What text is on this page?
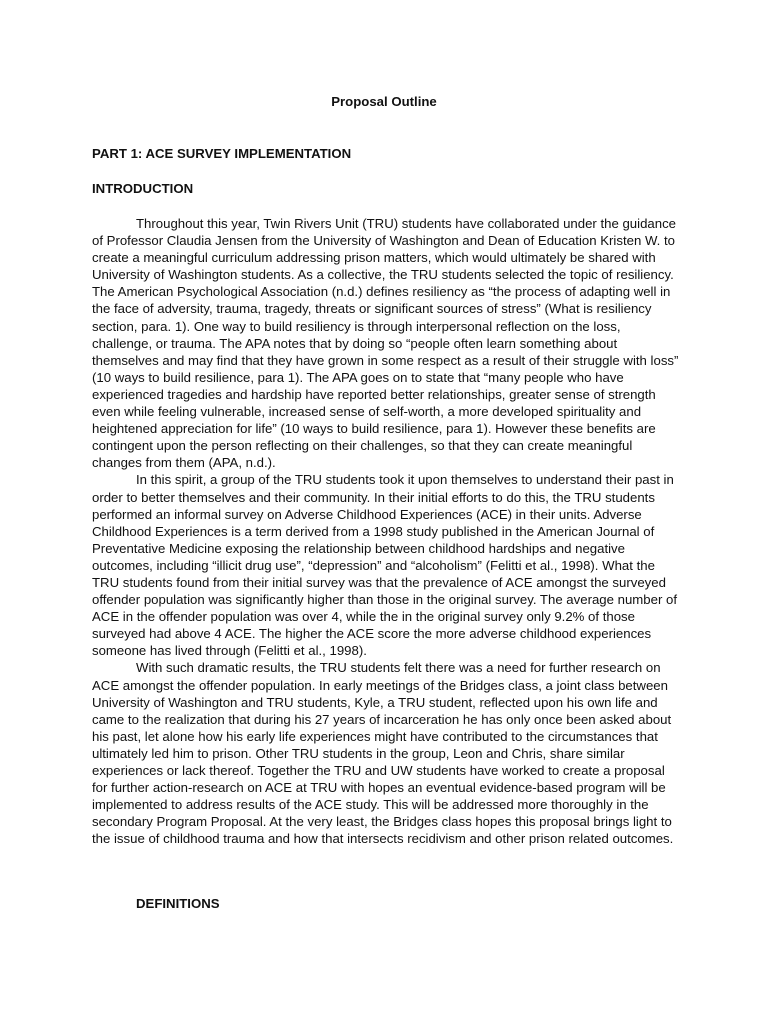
Proposal Outline
PART 1: ACE SURVEY IMPLEMENTATION
INTRODUCTION

Throughout this year, Twin Rivers Unit (TRU) students have collaborated under the guidance of Professor Claudia Jensen from the University of Washington and Dean of Education Kristen W. to create a meaningful curriculum addressing prison matters, which would ultimately be shared with University of Washington students. As a collective, the TRU students selected the topic of resiliency. The American Psychological Association (n.d.) defines resiliency as “the process of adapting well in the face of adversity, trauma, tragedy, threats or significant sources of stress” (What is resiliency section, para. 1). One way to build resiliency is through interpersonal reflection on the loss, challenge, or trauma. The APA notes that by doing so “people often learn something about themselves and may find that they have grown in some respect as a result of their struggle with loss” (10 ways to build resilience, para 1). The APA goes on to state that “many people who have experienced tragedies and hardship have reported better relationships, greater sense of strength even while feeling vulnerable, increased sense of self-worth, a more developed spirituality and heightened appreciation for life” (10 ways to build resilience, para 1). However these benefits are contingent upon the person reflecting on their challenges, so that they can create meaningful changes from them (APA, n.d.).

In this spirit, a group of the TRU students took it upon themselves to understand their past in order to better themselves and their community. In their initial efforts to do this, the TRU students performed an informal survey on Adverse Childhood Experiences (ACE) in their units. Adverse Childhood Experiences is a term derived from a 1998 study published in the American Journal of Preventative Medicine exposing the relationship between childhood hardships and negative outcomes, including “illicit drug use”, “depression” and “alcoholism” (Felitti et al., 1998). What the TRU students found from their initial survey was that the prevalence of ACE amongst the surveyed offender population was significantly higher than those in the original survey. The average number of ACE in the offender population was over 4, while the in the original survey only 9.2% of those surveyed had above 4 ACE. The higher the ACE score the more adverse childhood experiences someone has lived through (Felitti et al., 1998).

With such dramatic results, the TRU students felt there was a need for further research on ACE amongst the offender population. In early meetings of the Bridges class, a joint class between University of Washington and TRU students, Kyle, a TRU student, reflected upon his own life and came to the realization that during his 27 years of incarceration he has only once been asked about his past, let alone how his early life experiences might have contributed to the circumstances that ultimately led him to prison. Other TRU students in the group, Leon and Chris, share similar experiences or lack thereof. Together the TRU and UW students have worked to create a proposal for further action-research on ACE at TRU with hopes an eventual evidence-based program will be implemented to address results of the ACE study. This will be addressed more thoroughly in the secondary Program Proposal. At the very least, the Bridges class hopes this proposal brings light to the issue of childhood trauma and how that intersects recidivism and other prison related outcomes.

DEFINITIONS
